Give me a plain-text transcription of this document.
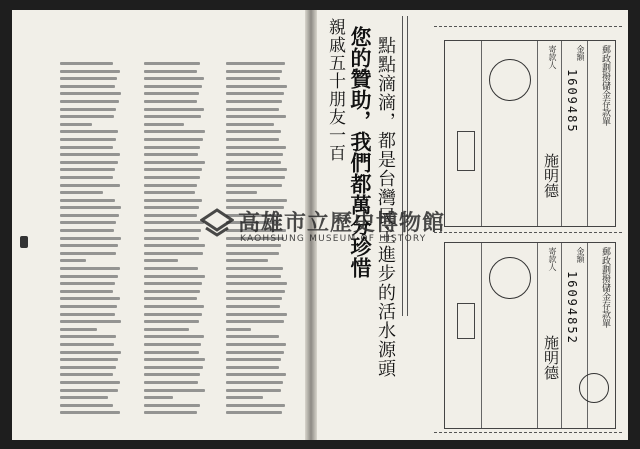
親戚五十朋友一百 您的贊助，我們都萬分珍惜 點點滴滴，都是台灣民主進步的活水源頭	郵政劃撥儲金存款單
金額
1609485
寄款人
施明德
郵政劃撥儲金存款單
金額
16094852
寄款人
施明德
高雄市立歷史博物館
KAOHSIUNG MUSEUM OF HISTORY
